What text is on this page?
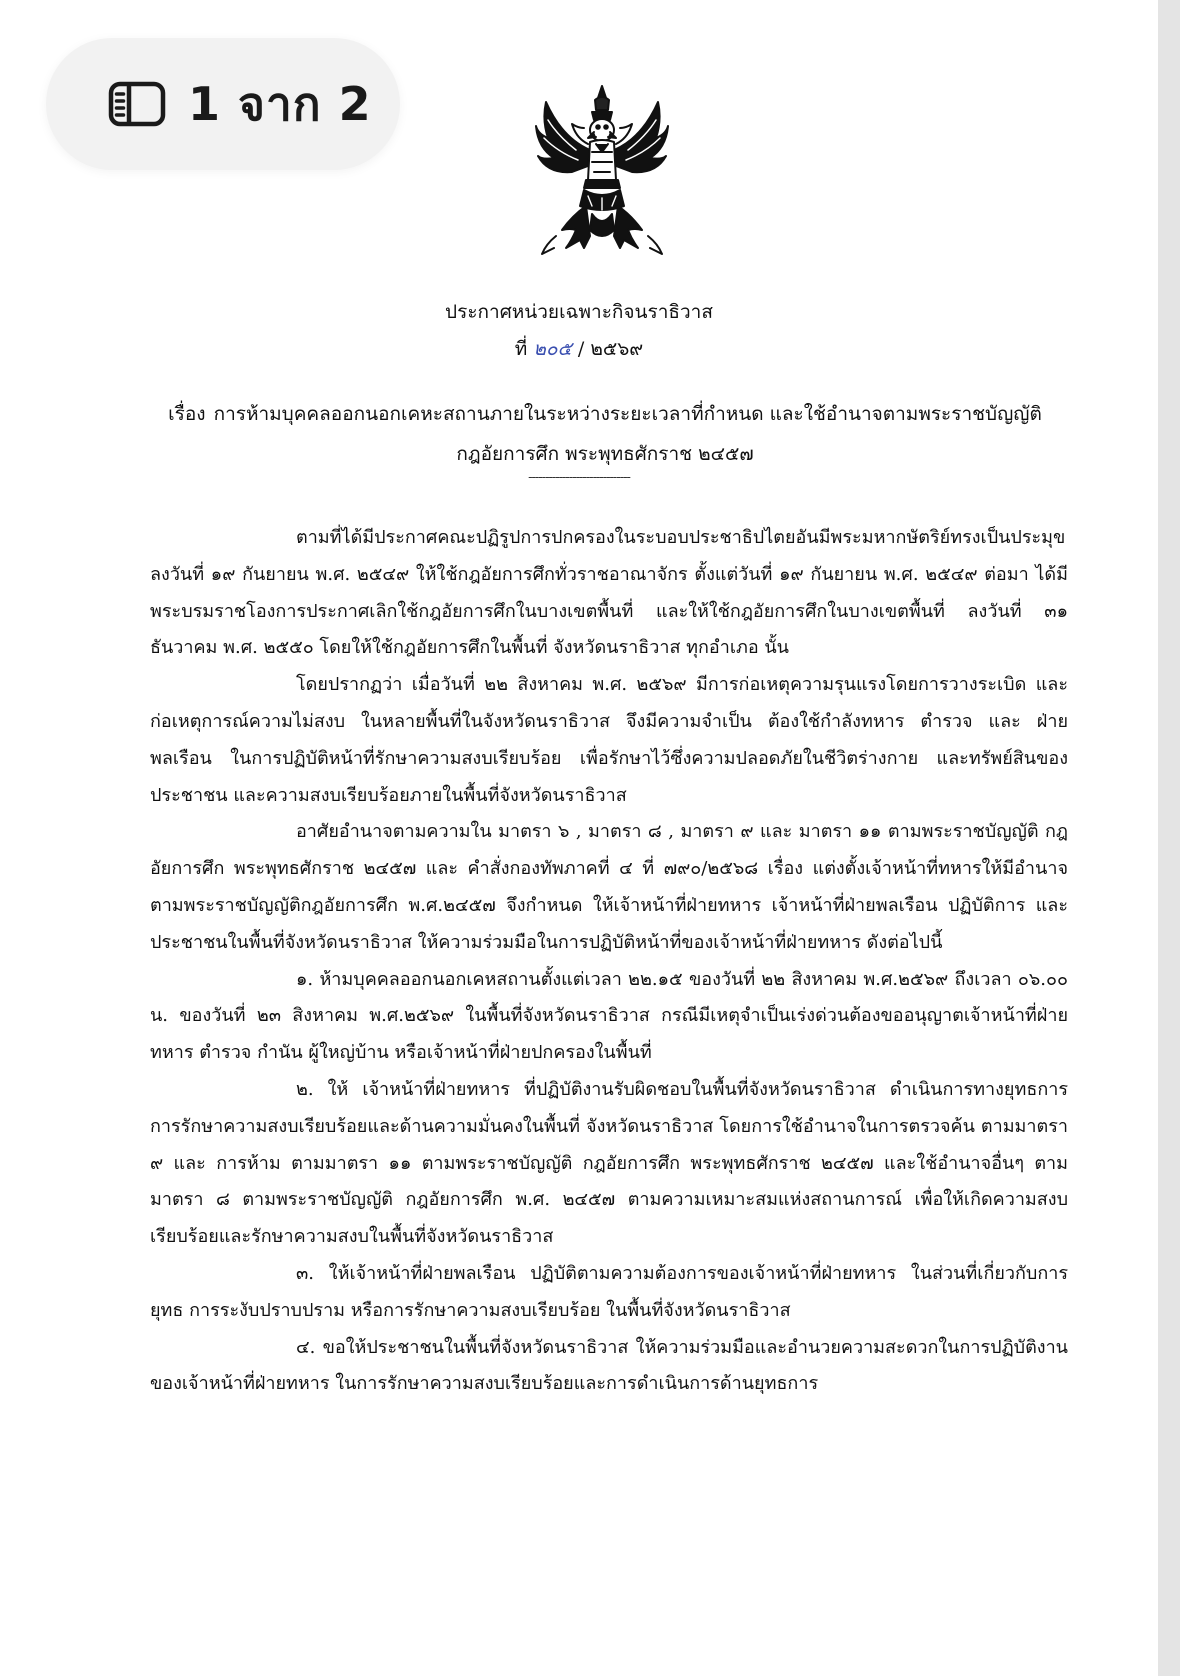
1 จาก 2
ประกาศหน่วยเฉพาะกิจนราธิวาส
ที่ ๒๐๕ / ๒๕๖๙
เรื่อง การห้ามบุคคลออกนอกเคหะสถานภายในระหว่างระยะเวลาที่กำหนด และใช้อำนาจตามพระราชบัญญัติ
กฎอัยการศึก พระพุทธศักราช ๒๔๕๗
------------------------------

ตามที่ได้มีประกาศคณะปฏิรูปการปกครองในระบอบประชาธิปไตยอันมีพระมหากษัตริย์ทรงเป็นประมุข ลงวันที่ ๑๙ กันยายน พ.ศ. ๒๕๔๙ ให้ใช้กฎอัยการศึกทั่วราชอาณาจักร ตั้งแต่วันที่ ๑๙ กันยายน พ.ศ. ๒๕๔๙ ต่อมา ได้มีพระบรมราชโองการประกาศเลิกใช้กฎอัยการศึกในบางเขตพื้นที่ และให้ใช้กฎอัยการศึกในบางเขตพื้นที่ ลงวันที่ ๓๑ ธันวาคม พ.ศ. ๒๕๕๐ โดยให้ใช้กฎอัยการศึกในพื้นที่ จังหวัดนราธิวาส ทุกอำเภอ นั้น

โดยปรากฏว่า เมื่อวันที่ ๒๒ สิงหาคม พ.ศ. ๒๕๖๙ มีการก่อเหตุความรุนแรงโดยการวางระเบิด และ ก่อเหตุการณ์ความไม่สงบ ในหลายพื้นที่ในจังหวัดนราธิวาส จึงมีความจำเป็น ต้องใช้กำลังทหาร ตำรวจ และ ฝ่ายพลเรือน ในการปฏิบัติหน้าที่รักษาความสงบเรียบร้อย เพื่อรักษาไว้ซึ่งความปลอดภัยในชีวิตร่างกาย และทรัพย์สินของประชาชน และความสงบเรียบร้อยภายในพื้นที่จังหวัดนราธิวาส

อาศัยอำนาจตามความใน มาตรา ๖ , มาตรา ๘ , มาตรา ๙ และ มาตรา ๑๑ ตามพระราชบัญญัติ กฎอัยการศึก พระพุทธศักราช ๒๔๕๗ และ คำสั่งกองทัพภาคที่ ๔ ที่ ๗๙๐/๒๕๖๘ เรื่อง แต่งตั้งเจ้าหน้าที่ทหารให้มีอำนาจตามพระราชบัญญัติกฎอัยการศึก พ.ศ.๒๔๕๗ จึงกำหนด ให้เจ้าหน้าที่ฝ่ายทหาร เจ้าหน้าที่ฝ่ายพลเรือน ปฏิบัติการ และ ประชาชนในพื้นที่จังหวัดนราธิวาส ให้ความร่วมมือในการปฏิบัติหน้าที่ของเจ้าหน้าที่ฝ่ายทหาร ดังต่อไปนี้

๑. ห้ามบุคคลออกนอกเคหสถานตั้งแต่เวลา ๒๒.๑๕ ของวันที่ ๒๒ สิงหาคม พ.ศ.๒๕๖๙ ถึงเวลา ๐๖.๐๐ น. ของวันที่ ๒๓ สิงหาคม พ.ศ.๒๕๖๙ ในพื้นที่จังหวัดนราธิวาส กรณีมีเหตุจำเป็นเร่งด่วนต้องขออนุญาตเจ้าหน้าที่ฝ่ายทหาร ตำรวจ กำนัน ผู้ใหญ่บ้าน หรือเจ้าหน้าที่ฝ่ายปกครองในพื้นที่

๒. ให้ เจ้าหน้าที่ฝ่ายทหาร ที่ปฏิบัติงานรับผิดชอบในพื้นที่จังหวัดนราธิวาส ดำเนินการทางยุทธการ การรักษาความสงบเรียบร้อยและด้านความมั่นคงในพื้นที่ จังหวัดนราธิวาส โดยการใช้อำนาจในการตรวจค้น ตามมาตรา ๙ และ การห้าม ตามมาตรา ๑๑ ตามพระราชบัญญัติ กฎอัยการศึก พระพุทธศักราช ๒๔๕๗ และใช้อำนาจอื่นๆ ตาม มาตรา ๘ ตามพระราชบัญญัติ กฎอัยการศึก พ.ศ. ๒๔๕๗ ตามความเหมาะสมแห่งสถานการณ์ เพื่อให้เกิดความสงบเรียบร้อยและรักษาความสงบในพื้นที่จังหวัดนราธิวาส

๓. ให้เจ้าหน้าที่ฝ่ายพลเรือน ปฏิบัติตามความต้องการของเจ้าหน้าที่ฝ่ายทหาร ในส่วนที่เกี่ยวกับการยุทธ การระงับปราบปราม หรือการรักษาความสงบเรียบร้อย ในพื้นที่จังหวัดนราธิวาส

๔. ขอให้ประชาชนในพื้นที่จังหวัดนราธิวาส ให้ความร่วมมือและอำนวยความสะดวกในการปฏิบัติงานของเจ้าหน้าที่ฝ่ายทหาร ในการรักษาความสงบเรียบร้อยและการดำเนินการด้านยุทธการ
